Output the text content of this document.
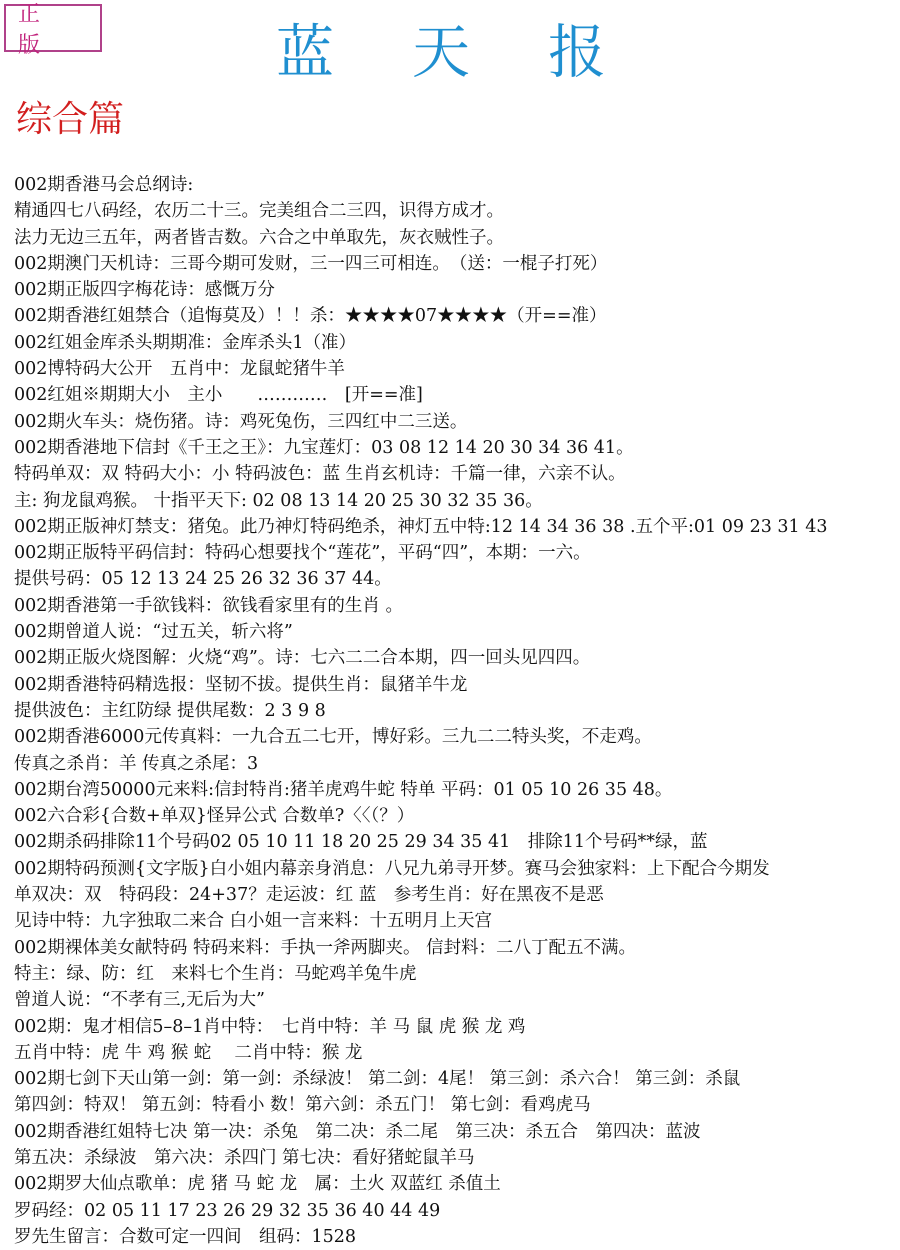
正 版	蓝天报
综合篇
002期香港马会总纲诗:
精通四七八码经，农历二十三。完美组合二三四，识得方成才。
法力无边三五年，两者皆吉数。六合之中单取先，灰衣贼性子。
002期澳门天机诗：三哥今期可发财，三一四三可相连。　（送：一棍子打死）
002期正版四字梅花诗：感慨万分
002期香港红姐禁合（追悔莫及）！！杀：★★★★07★★★★（开==准）
002红姐金库杀头期期准：金库杀头1（准）
002博特码大公开　五肖中：龙鼠蛇猪牛羊
002红姐※期期大小　主小　　…………　[开==准]
002期火车头：烧伤猪。诗：鸡死兔伤，三四红中二三送。
002期香港地下信封《千王之王》：九宝莲灯：03 08 12 14 20 30 34 36 41。
特码单双：双 特码大小：小 特码波色：蓝 生肖玄机诗：千篇一律，六亲不认。
主: 狗龙鼠鸡猴。 十指平天下: 02 08 13 14 20 25 30 32 35 36。
002期正版神灯禁支：猪兔。此乃神灯特码绝杀，神灯五中特:12 14 34 36 38 .五个平:01 09 23 31 43
002期正版特平码信封：特码心想要找个“莲花”，平码“四”，本期：一六。
提供号码：05 12 13 24 25 26 32 36 37 44。
002期香港第一手欲钱料：欲钱看家里有的生肖 。
002期曾道人说：“过五关，斩六将”
002期正版火烧图解：火烧“鸡”。诗：七六二二合本期，四一回头见四四。
002期香港特码精选报：坚韧不拔。提供生肖：鼠猪羊牛龙
提供波色：主红防绿 提供尾数：2 3 9 8
002期香港6000元传真料：一九合五二七开，博好彩。三九二二特头奖，不走鸡。
传真之杀肖：羊 传真之杀尾：3
002期台湾50000元来料:信封特肖:猪羊虎鸡牛蛇 特单 平码：01 05 10 26 35 48。
002六合彩{合数+单双}怪异公式 合数单?〈〈（？）
002期杀码排除11个号码02 05 10 11 18 20 25 29 34 35 41　排除11个号码**绿，蓝
002期特码预测{文字版}白小姐内幕亲身消息：八兄九弟寻开梦。赛马会独家料：上下配合今期发
单双决：双　特码段：24+37？走运波：红 蓝　参考生肖：好在黑夜不是恶
见诗中特：九字独取二来合 白小姐一言来料：十五明月上天宫
002期裸体美女献特码 特码来料：手执一斧两脚夹。 信封料：二八丁配五不满。
特主：绿、防：红　来料七个生肖：马蛇鸡羊兔牛虎
曾道人说：“不孝有三,无后为大”
002期：鬼才相信5–8–1肖中特：　七肖中特：羊 马 鼠 虎 猴 龙 鸡
五肖中特：虎 牛 鸡 猴 蛇　 二肖中特：猴 龙
002期七剑下天山第一剑：第一剑：杀绿波！ 第二剑：4尾！ 第三剑：杀六合！ 第三剑：杀鼠
第四剑：特双！ 第五剑：特看小 数！第六剑：杀五门！ 第七剑：看鸡虎马
002期香港红姐特七决 第一决：杀兔　第二决：杀二尾　第三决：杀五合　第四决：蓝波
第五决：杀绿波　第六决：杀四门 第七决：看好猪蛇鼠羊马
002期罗大仙点歌单：虎 猪 马 蛇 龙　属：土火 双蓝红 杀值土
罗码经：02 05 11 17 23 26 29 32 35 36 40 44 49
罗先生留言：合数可定一四间　组码：1528
